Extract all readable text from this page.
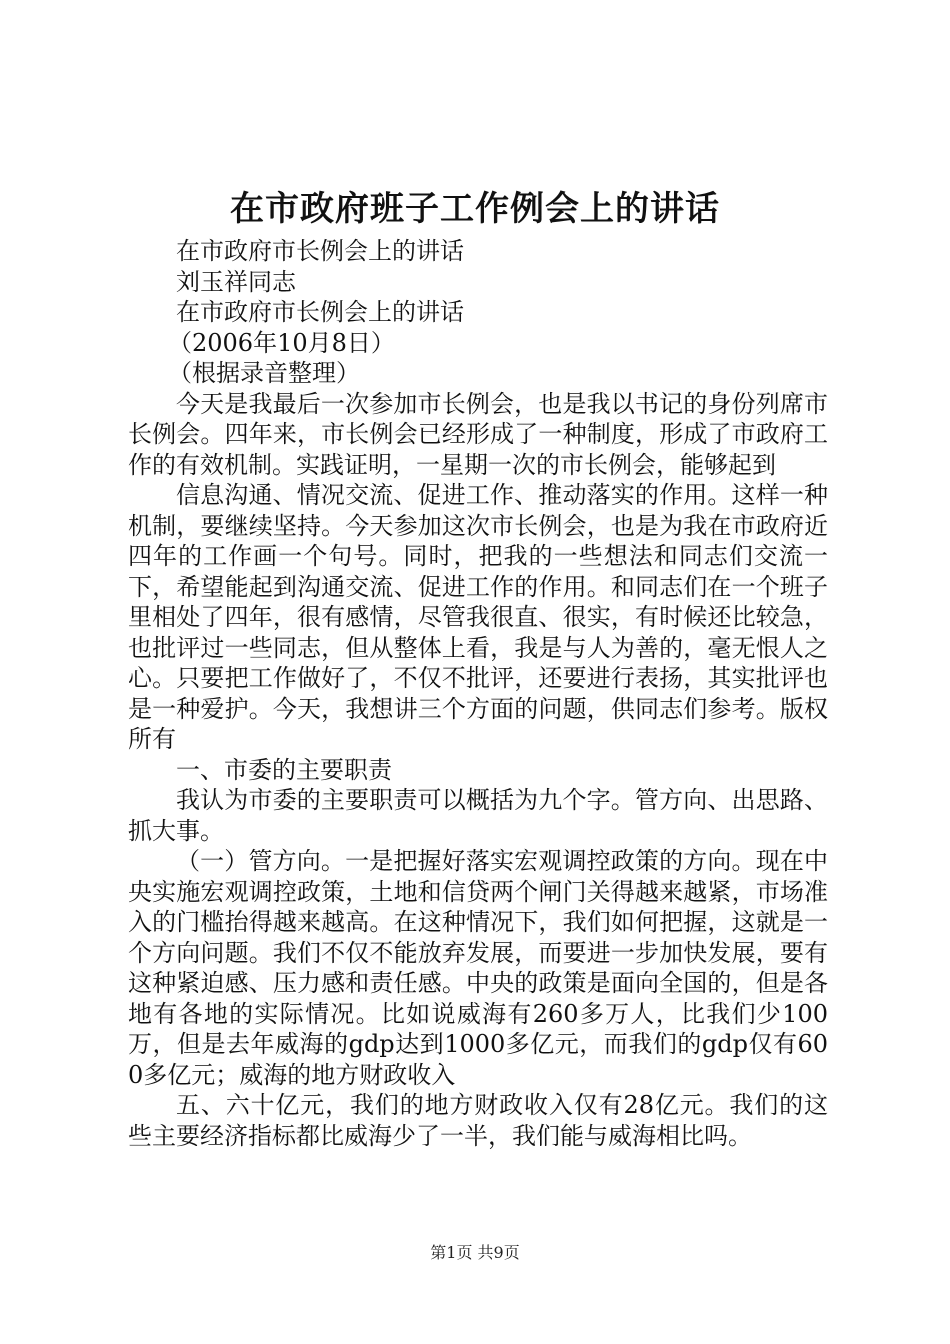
在市政府班子工作例会上的讲话

在市政府市长例会上的讲话

刘玉祥同志

在市政府市长例会上的讲话

（2006年10月8日）

（根据录音整理）

今天是我最后一次参加市长例会，也是我以书记的身份列席市长例会。四年来，市长例会已经形成了一种制度，形成了市政府工作的有效机制。实践证明，一星期一次的市长例会，能够起到

信息沟通、情况交流、促进工作、推动落实的作用。这样一种机制，要继续坚持。今天参加这次市长例会，也是为我在市政府近四年的工作画一个句号。同时，把我的一些想法和同志们交流一下，希望能起到沟通交流、促进工作的作用。和同志们在一个班子里相处了四年，很有感情，尽管我很直、很实，有时候还比较急，也批评过一些同志，但从整体上看，我是与人为善的，毫无恨人之心。只要把工作做好了，不仅不批评，还要进行表扬，其实批评也是一种爱护。今天，我想讲三个方面的问题，供同志们参考。版权所有

一、市委的主要职责

我认为市委的主要职责可以概括为九个字。管方向、出思路、抓大事。

（一）管方向。一是把握好落实宏观调控政策的方向。现在中央实施宏观调控政策，土地和信贷两个闸门关得越来越紧，市场准入的门槛抬得越来越高。在这种情况下，我们如何把握，这就是一个方向问题。我们不仅不能放弃发展，而要进一步加快发展，要有这种紧迫感、压力感和责任感。中央的政策是面向全国的，但是各地有各地的实际情况。比如说威海有260多万人，比我们少100万，但是去年威海的gdp达到1000多亿元，而我们的gdp仅有600多亿元；威海的地方财政收入

五、六十亿元，我们的地方财政收入仅有28亿元。我们的这些主要经济指标都比威海少了一半，我们能与威海相比吗。

第1页 共9页
